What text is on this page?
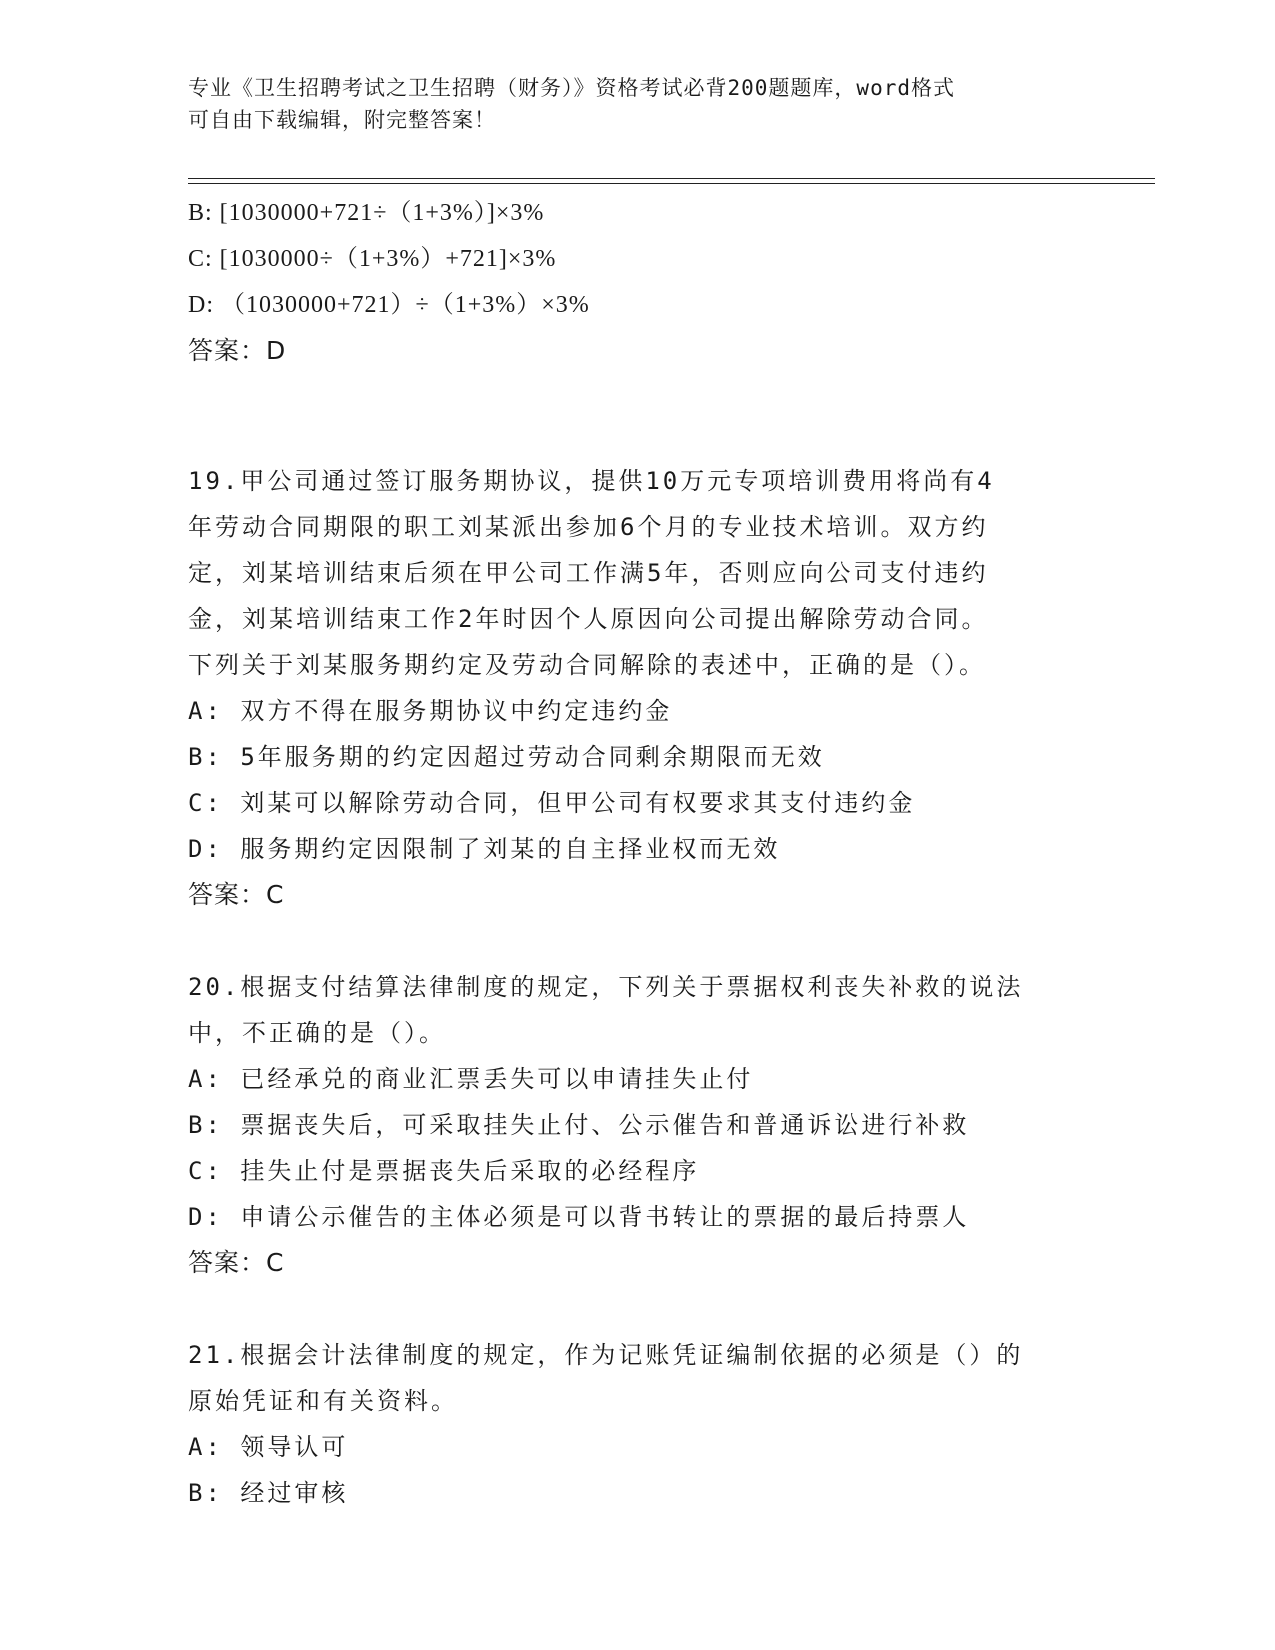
专业《卫生招聘考试之卫生招聘（财务）》资格考试必背200题题库，word格式
可自由下载编辑，附完整答案！
B: [1030000+721÷（1+3%）]×3%
C: [1030000÷（1+3%）+721]×3%
D: （1030000+721）÷（1+3%）×3%
答案：D
19.甲公司通过签订服务期协议，提供10万元专项培训费用将尚有4
年劳动合同期限的职工刘某派出参加6个月的专业技术培训。双方约
定，刘某培训结束后须在甲公司工作满5年，否则应向公司支付违约
金，刘某培训结束工作2年时因个人原因向公司提出解除劳动合同。
下列关于刘某服务期约定及劳动合同解除的表述中，正确的是（）。
A: 双方不得在服务期协议中约定违约金
B: 5年服务期的约定因超过劳动合同剩余期限而无效
C: 刘某可以解除劳动合同，但甲公司有权要求其支付违约金
D: 服务期约定因限制了刘某的自主择业权而无效
答案：C
20.根据支付结算法律制度的规定，下列关于票据权利丧失补救的说法
中，不正确的是（）。
A: 已经承兑的商业汇票丢失可以申请挂失止付
B: 票据丧失后，可采取挂失止付、公示催告和普通诉讼进行补救
C: 挂失止付是票据丧失后采取的必经程序
D: 申请公示催告的主体必须是可以背书转让的票据的最后持票人
答案：C
21.根据会计法律制度的规定，作为记账凭证编制依据的必须是（）的
原始凭证和有关资料。
A: 领导认可
B: 经过审核
